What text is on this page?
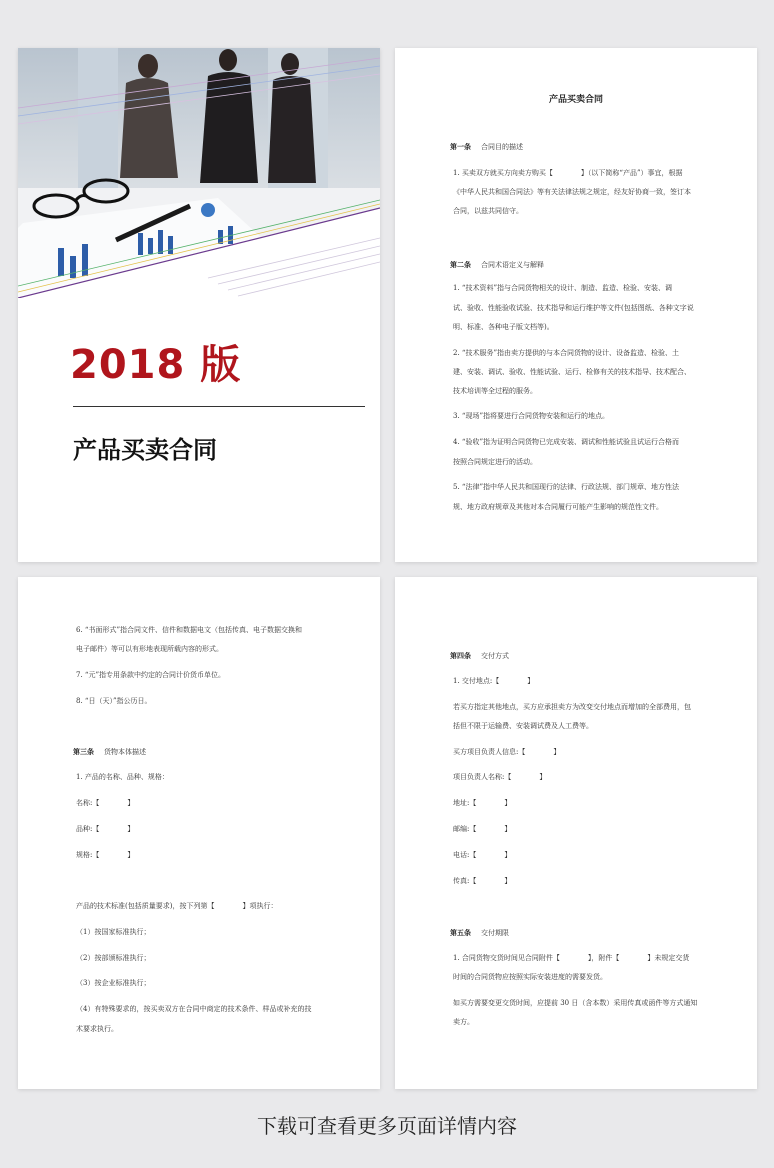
2018 版
产品买卖合同
产品买卖合同
第一条 合同目的描述
1. 买卖双方就买方向卖方购买【　　　　】（以下简称“产品”）事宜，根据
《中华人民共和国合同法》等有关法律法规之规定，经友好协商一致，签订本
合同，以兹共同信守。
第二条 合同术语定义与解释
1. “技术资料”指与合同货物相关的设计、制造、监造、检验、安装、调
试、验收、性能验收试验、技术指导和运行维护等文件(包括图纸、各种文字说
明、标准、各种电子版文档等)。
2. “技术服务”指由卖方提供的与本合同货物的设计、设备监造、检验、土
建、安装、调试、验收、性能试验、运行、检修有关的技术指导、技术配合、
技术培训等全过程的服务。
3. “现场”指将要进行合同货物安装和运行的地点。
4. “验收”指为证明合同货物已完成安装、调试和性能试验且试运行合格而
按照合同规定进行的活动。
5. “法律”指中华人民共和国现行的法律、行政法规、部门规章、地方性法
规、地方政府规章及其他对本合同履行可能产生影响的规范性文件。
6. “书面形式”指合同文件、信件和数据电文（包括传真、电子数据交换和
电子邮件）等可以有形地表现所载内容的形式。
7. “元”指专用条款中约定的合同计价货币单位。
8. “日（天）”指公历日。
第三条 货物本体描述
1. 产品的名称、品种、规格：
名称:【　　　　】
品种:【　　　　】
规格:【　　　　】
产品的技术标准(包括质量要求)，按下列第【　　　　】项执行：
（1）按国家标准执行；
（2）按部颁标准执行；
（3）按企业标准执行；
（4）有特殊要求的，按买卖双方在合同中商定的技术条件、样品或补充的技
术要求执行。
第四条 交付方式
1. 交付地点:【　　　　】
若买方指定其他地点，买方应承担卖方为改变交付地点而增加的全部费用，包
括但不限于运输费、安装调试费及人工费等。
买方项目负责人信息:【　　　　】
项目负责人名称:【　　　　】
地址:【　　　　】
邮编:【　　　　】
电话:【　　　　】
传真:【　　　　】
第五条 交付期限
1. 合同货物交货时间见合同附件【　　　　】，附件【　　　　】未规定交货
时间的合同货物应按照实际安装进度的需要发货。
如买方需要变更交货时间，应提前 30 日（含本数）采用传真或函件等方式通知
卖方。
下载可查看更多页面详情内容
